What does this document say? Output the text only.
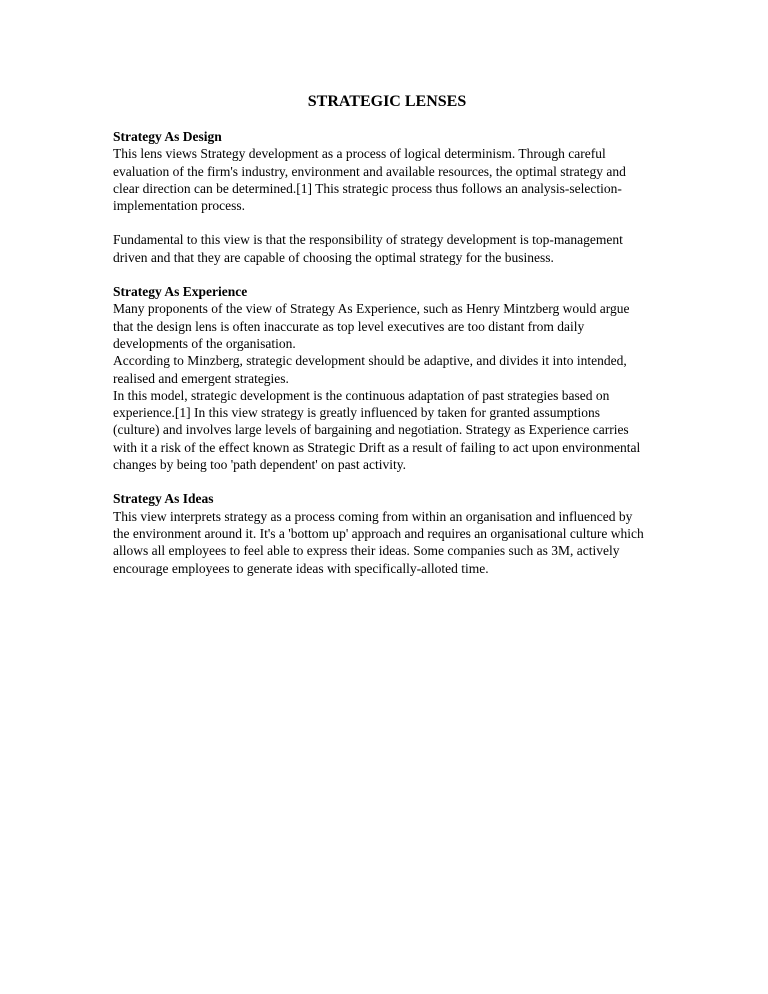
STRATEGIC LENSES
Strategy As Design

This lens views Strategy development as a process of logical determinism. Through careful evaluation of the firm's industry, environment and available resources, the optimal strategy and clear direction can be determined.[1] This strategic process thus follows an analysis-selection-implementation process.

Fundamental to this view is that the responsibility of strategy development is top-management driven and that they are capable of choosing the optimal strategy for the business.

Strategy As Experience

Many proponents of the view of Strategy As Experience, such as Henry Mintzberg would argue that the design lens is often inaccurate as top level executives are too distant from daily developments of the organisation.

According to Minzberg, strategic development should be adaptive, and divides it into intended, realised and emergent strategies.

In this model, strategic development is the continuous adaptation of past strategies based on experience.[1] In this view strategy is greatly influenced by taken for granted assumptions (culture) and involves large levels of bargaining and negotiation. Strategy as Experience carries with it a risk of the effect known as Strategic Drift as a result of failing to act upon environmental changes by being too 'path dependent' on past activity.

Strategy As Ideas

This view interprets strategy as a process coming from within an organisation and influenced by the environment around it. It's a 'bottom up' approach and requires an organisational culture which allows all employees to feel able to express their ideas. Some companies such as 3M, actively encourage employees to generate ideas with specifically-alloted time.
